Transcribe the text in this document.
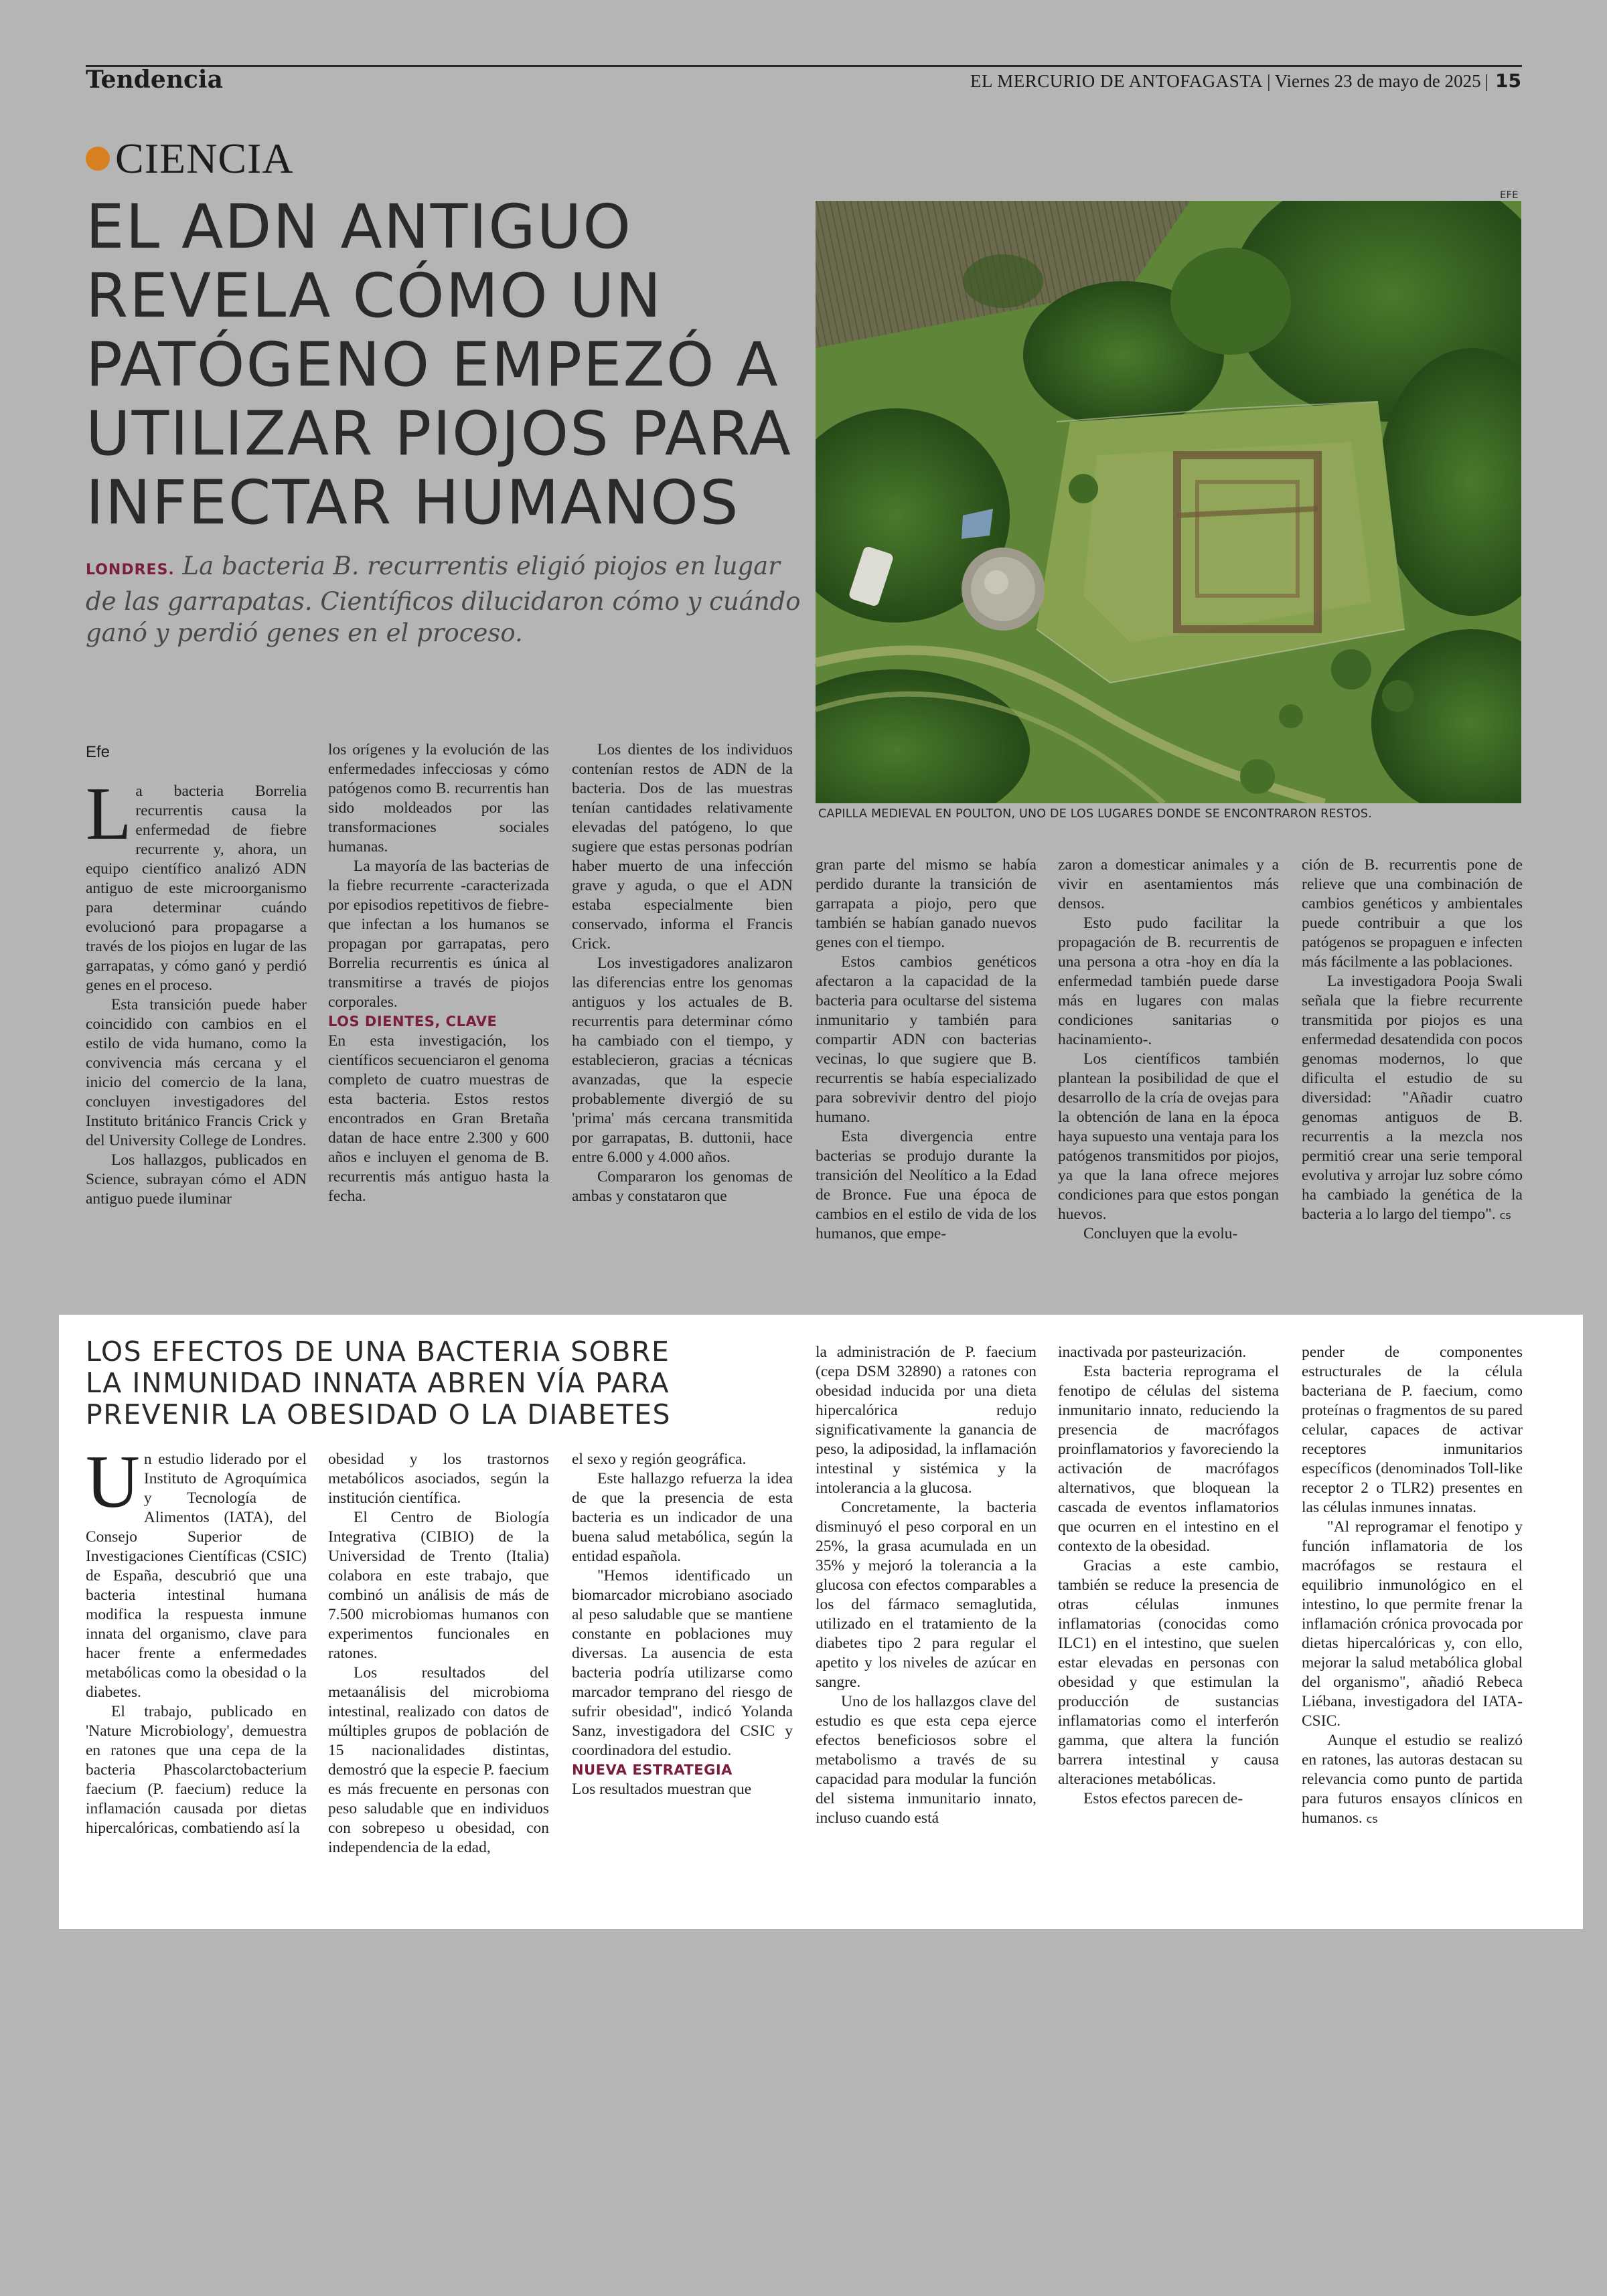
Tendencia	EL MERCURIO DE ANTOFAGASTA | Viernes 23 de mayo de 2025 | 15
CIENCIA
EL ADN ANTIGUO
REVELA CÓMO UN
PATÓGENO EMPEZÓ A
UTILIZAR PIOJOS PARA
INFECTAR HUMANOS
LONDRES. La bacteria B. recurrentis eligió piojos en lugar de las garrapatas. Científicos dilucidaron cómo y cuándo ganó y perdió genes en el proceso.
EFE
CAPILLA MEDIEVAL EN POULTON, UNO DE LOS LUGARES DONDE SE ENCONTRARON RESTOS.
Efe

La bacteria Borrelia recurrentis causa la enfermedad de fiebre recurrente y, ahora, un equipo científico analizó ADN antiguo de este microorganismo para determinar cuándo evolucionó para propagarse a través de los piojos en lugar de las garrapatas, y cómo ganó y perdió genes en el proceso.

Esta transición puede haber coincidido con cambios en el estilo de vida humano, como la convivencia más cercana y el inicio del comercio de la lana, concluyen investigadores del Instituto británico Francis Crick y del University College de Londres.

Los hallazgos, publicados en Science, subrayan cómo el ADN antiguo puede iluminar

los orígenes y la evolución de las enfermedades infecciosas y cómo patógenos como B. recurrentis han sido moldeados por las transformaciones sociales humanas.

La mayoría de las bacterias de la fiebre recurrente -caracterizada por episodios repetitivos de fiebre- que infectan a los humanos se propagan por garrapatas, pero Borrelia recurrentis es única al transmitirse a través de piojos corporales.

LOS DIENTES, CLAVE

En esta investigación, los científicos secuenciaron el genoma completo de cuatro muestras de esta bacteria. Estos restos encontrados en Gran Bretaña datan de hace entre 2.300 y 600 años e incluyen el genoma de B. recurrentis más antiguo hasta la fecha.

Los dientes de los individuos contenían restos de ADN de la bacteria. Dos de las muestras tenían cantidades relativamente elevadas del patógeno, lo que sugiere que estas personas podrían haber muerto de una infección grave y aguda, o que el ADN estaba especialmente bien conservado, informa el Francis Crick.

Los investigadores analizaron las diferencias entre los genomas antiguos y los actuales de B. recurrentis para determinar cómo ha cambiado con el tiempo, y establecieron, gracias a técnicas avanzadas, que la especie probablemente divergió de su 'prima' más cercana transmitida por garrapatas, B. duttonii, hace entre 6.000 y 4.000 años.

Compararon los genomas de ambas y constataron que

gran parte del mismo se había perdido durante la transición de garrapata a piojo, pero que también se habían ganado nuevos genes con el tiempo.

Estos cambios genéticos afectaron a la capacidad de la bacteria para ocultarse del sistema inmunitario y también para compartir ADN con bacterias vecinas, lo que sugiere que B. recurrentis se había especializado para sobrevivir dentro del piojo humano.

Esta divergencia entre bacterias se produjo durante la transición del Neolítico a la Edad de Bronce. Fue una época de cambios en el estilo de vida de los humanos, que empe-

zaron a domesticar animales y a vivir en asentamientos más densos.

Esto pudo facilitar la propagación de B. recurrentis de una persona a otra -hoy en día la enfermedad también puede darse más en lugares con malas condiciones sanitarias o hacinamiento-.

Los científicos también plantean la posibilidad de que el desarrollo de la cría de ovejas para la obtención de lana en la época haya supuesto una ventaja para los patógenos transmitidos por piojos, ya que la lana ofrece mejores condiciones para que estos pongan huevos.

Concluyen que la evolu-

ción de B. recurrentis pone de relieve que una combinación de cambios genéticos y ambientales puede contribuir a que los patógenos se propaguen e infecten más fácilmente a las poblaciones.

La investigadora Pooja Swali señala que la fiebre recurrente transmitida por piojos es una enfermedad desatendida con pocos genomas modernos, lo que dificulta el estudio de su diversidad: "Añadir cuatro genomas antiguos de B. recurrentis a la mezcla nos permitió crear una serie temporal evolutiva y arrojar luz sobre cómo ha cambiado la genética de la bacteria a lo largo del tiempo". cs

LOS EFECTOS DE UNA BACTERIA SOBRE
LA INMUNIDAD INNATA ABREN VÍA PARA
PREVENIR LA OBESIDAD O LA DIABETES

Un estudio liderado por el Instituto de Agroquímica y Tecnología de Alimentos (IATA), del Consejo Superior de Investigaciones Científicas (CSIC) de España, descubrió que una bacteria intestinal humana modifica la respuesta inmune innata del organismo, clave para hacer frente a enfermedades metabólicas como la obesidad o la diabetes.

El trabajo, publicado en 'Nature Microbiology', demuestra en ratones que una cepa de la bacteria Phascolarctobacterium faecium (P. faecium) reduce la inflamación causada por dietas hipercalóricas, combatiendo así la

obesidad y los trastornos metabólicos asociados, según la institución científica.

El Centro de Biología Integrativa (CIBIO) de la Universidad de Trento (Italia) colabora en este trabajo, que combinó un análisis de más de 7.500 microbiomas humanos con experimentos funcionales en ratones.

Los resultados del metaanálisis del microbioma intestinal, realizado con datos de múltiples grupos de población de 15 nacionalidades distintas, demostró que la especie P. faecium es más frecuente en personas con peso saludable que en individuos con sobrepeso u obesidad, con independencia de la edad,

el sexo y región geográfica.

Este hallazgo refuerza la idea de que la presencia de esta bacteria es un indicador de una buena salud metabólica, según la entidad española.

"Hemos identificado un biomarcador microbiano asociado al peso saludable que se mantiene constante en poblaciones muy diversas. La ausencia de esta bacteria podría utilizarse como marcador temprano del riesgo de sufrir obesidad", indicó Yolanda Sanz, investigadora del CSIC y coordinadora del estudio.

NUEVA ESTRATEGIA

Los resultados muestran que

la administración de P. faecium (cepa DSM 32890) a ratones con obesidad inducida por una dieta hipercalórica redujo significativamente la ganancia de peso, la adiposidad, la inflamación intestinal y sistémica y la intolerancia a la glucosa.

Concretamente, la bacteria disminuyó el peso corporal en un 25%, la grasa acumulada en un 35% y mejoró la tolerancia a la glucosa con efectos comparables a los del fármaco semaglutida, utilizado en el tratamiento de la diabetes tipo 2 para regular el apetito y los niveles de azúcar en sangre.

Uno de los hallazgos clave del estudio es que esta cepa ejerce efectos beneficiosos sobre el metabolismo a través de su capacidad para modular la función del sistema inmunitario innato, incluso cuando está

inactivada por pasteurización.

Esta bacteria reprograma el fenotipo de células del sistema inmunitario innato, reduciendo la presencia de macrófagos proinflamatorios y favoreciendo la activación de macrófagos alternativos, que bloquean la cascada de eventos inflamatorios que ocurren en el intestino en el contexto de la obesidad.

Gracias a este cambio, también se reduce la presencia de otras células inmunes inflamatorias (conocidas como ILC1) en el intestino, que suelen estar elevadas en personas con obesidad y que estimulan la producción de sustancias inflamatorias como el interferón gamma, que altera la función barrera intestinal y causa alteraciones metabólicas.

Estos efectos parecen de-

pender de componentes estructurales de la célula bacteriana de P. faecium, como proteínas o fragmentos de su pared celular, capaces de activar receptores inmunitarios específicos (denominados Toll-like receptor 2 o TLR2) presentes en las células inmunes innatas.

"Al reprogramar el fenotipo y función inflamatoria de los macrófagos se restaura el equilibrio inmunológico en el intestino, lo que permite frenar la inflamación crónica provocada por dietas hipercalóricas y, con ello, mejorar la salud metabólica global del organismo", añadió Rebeca Liébana, investigadora del IATA-CSIC.

Aunque el estudio se realizó en ratones, las autoras destacan su relevancia como punto de partida para futuros ensayos clínicos en humanos. cs
